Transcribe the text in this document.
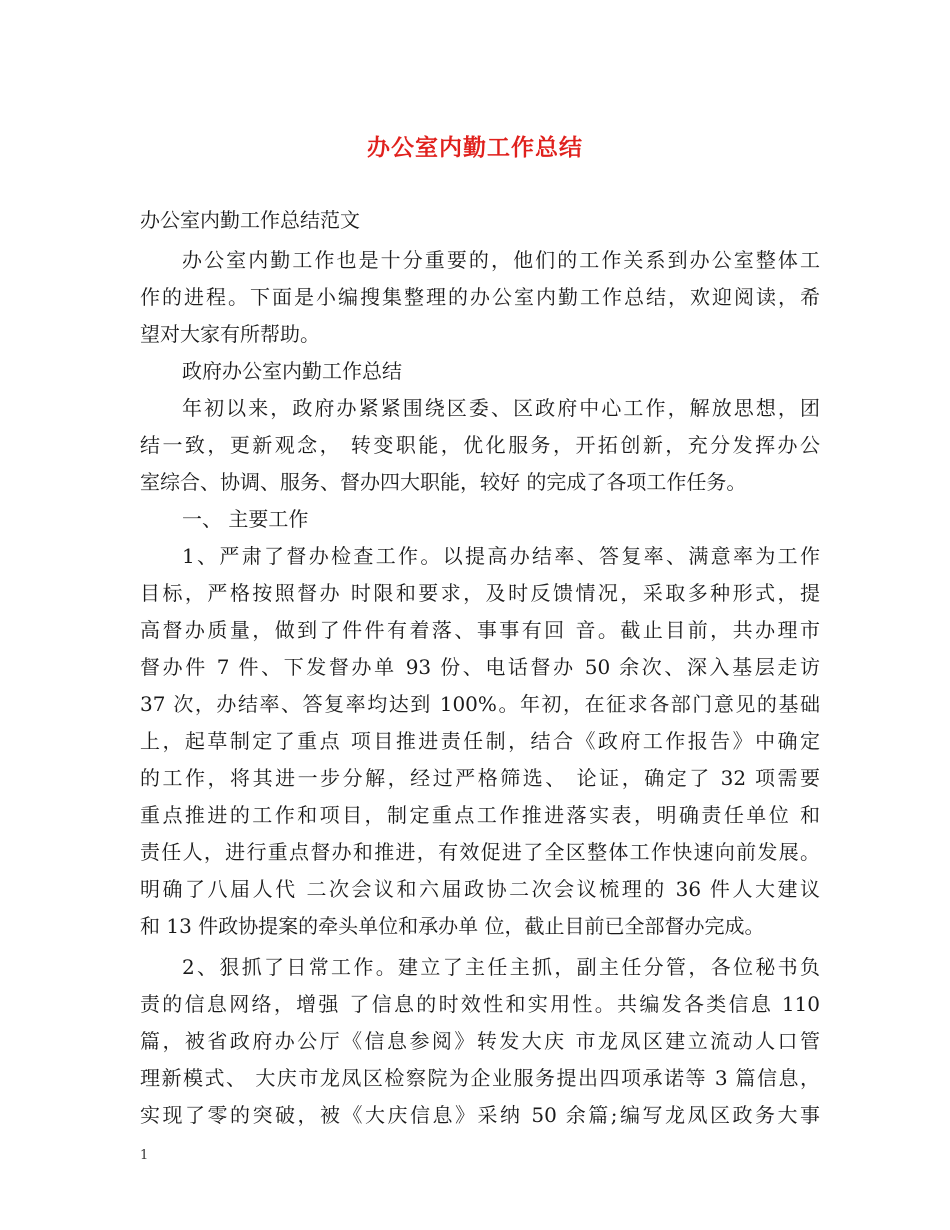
办公室内勤工作总结

办公室内勤工作总结范文

办公室内勤工作也是十分重要的，他们的工作关系到办公室整体工
作的进程。下面是小编搜集整理的办公室内勤工作总结，欢迎阅读，希
望对大家有所帮助。
政府办公室内勤工作总结
年初以来，政府办紧紧围绕区委、区政府中心工作，解放思想，团
结一致，更新观念， 转变职能，优化服务，开拓创新，充分发挥办公
室综合、协调、服务、督办四大职能，较好 的完成了各项工作任务。
一、 主要工作
1、严肃了督办检查工作。以提高办结率、答复率、满意率为工作
目标，严格按照督办 时限和要求，及时反馈情况，采取多种形式，提
高督办质量，做到了件件有着落、事事有回 音。截止目前，共办理市
督办件 7 件、下发督办单 93 份、电话督办 50 余次、深入基层走访
37 次，办结率、答复率均达到 100%。年初，在征求各部门意见的基础
上，起草制定了重点 项目推进责任制，结合《政府工作报告》中确定
的工作，将其进一步分解，经过严格筛选、 论证，确定了 32 项需要
重点推进的工作和项目，制定重点工作推进落实表，明确责任单位 和
责任人，进行重点督办和推进，有效促进了全区整体工作快速向前发展。
明确了八届人代 二次会议和六届政协二次会议梳理的 36 件人大建议
和 13 件政协提案的牵头单位和承办单 位，截止目前已全部督办完成。
2、狠抓了日常工作。建立了主任主抓，副主任分管，各位秘书负
责的信息网络，增强 了信息的时效性和实用性。共编发各类信息 110
篇，被省政府办公厅《信息参阅》转发大庆 市龙凤区建立流动人口管
理新模式、 大庆市龙凤区检察院为企业服务提出四项承诺等 3 篇信息，
实现了零的突破，被《大庆信息》采纳 50 余篇;编写龙凤区政务大事
1
